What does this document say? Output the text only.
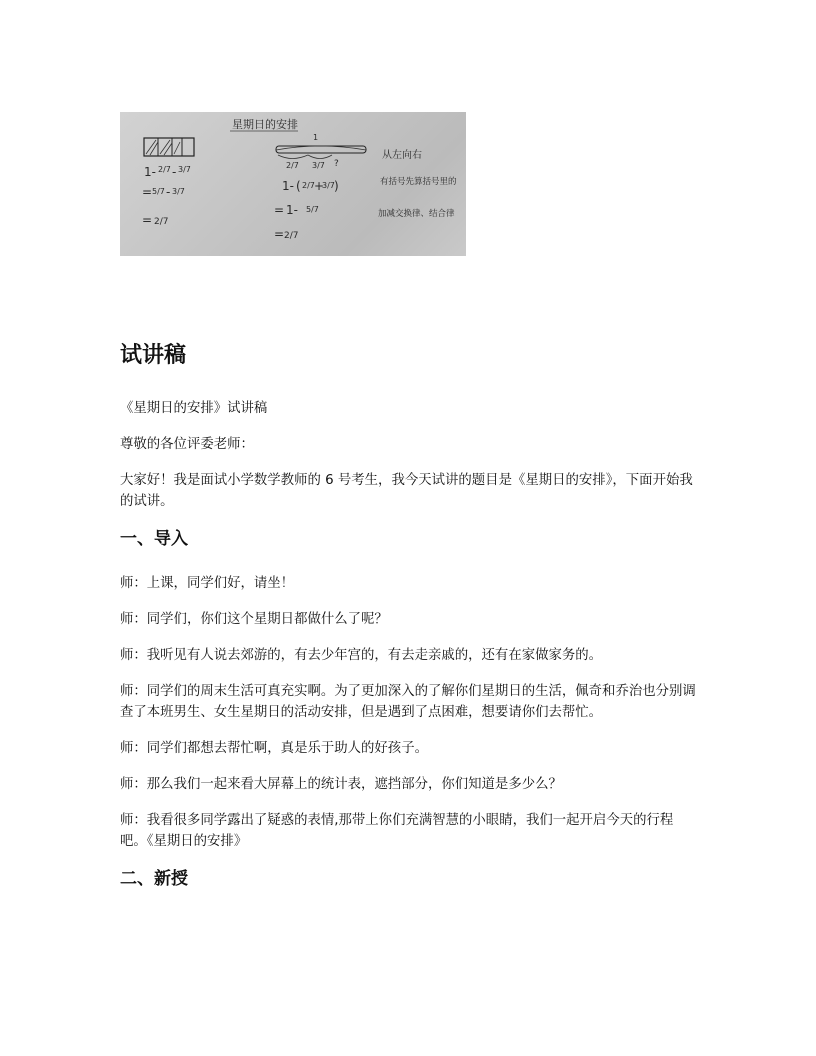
星期日的安排
1- 2/7 - 3/7
= 5/7 - 3/7
= 2/7
1
2/7 3/7 ?
1- ( 2/7 +
3/7 )
= 1- 5/7
= 2/7
从左向右
有括号先算括号里的
加减交换律、结合律
试讲稿

《星期日的安排》试讲稿

尊敬的各位评委老师：

大家好！我是面试小学数学教师的 6 号考生，我今天试讲的题目是《星期日的安排》，下面开始我的试讲。

一、导入

师：上课，同学们好，请坐！

师：同学们，你们这个星期日都做什么了呢？

师：我听见有人说去郊游的，有去少年宫的，有去走亲戚的，还有在家做家务的。

师：同学们的周末生活可真充实啊。为了更加深入的了解你们星期日的生活，佩奇和乔治也分别调查了本班男生、女生星期日的活动安排，但是遇到了点困难，想要请你们去帮忙。

师：同学们都想去帮忙啊，真是乐于助人的好孩子。

师：那么我们一起来看大屏幕上的统计表，遮挡部分，你们知道是多少么？

师：我看很多同学露出了疑惑的表情,那带上你们充满智慧的小眼睛，我们一起开启今天的行程吧。《星期日的安排》

二、新授
